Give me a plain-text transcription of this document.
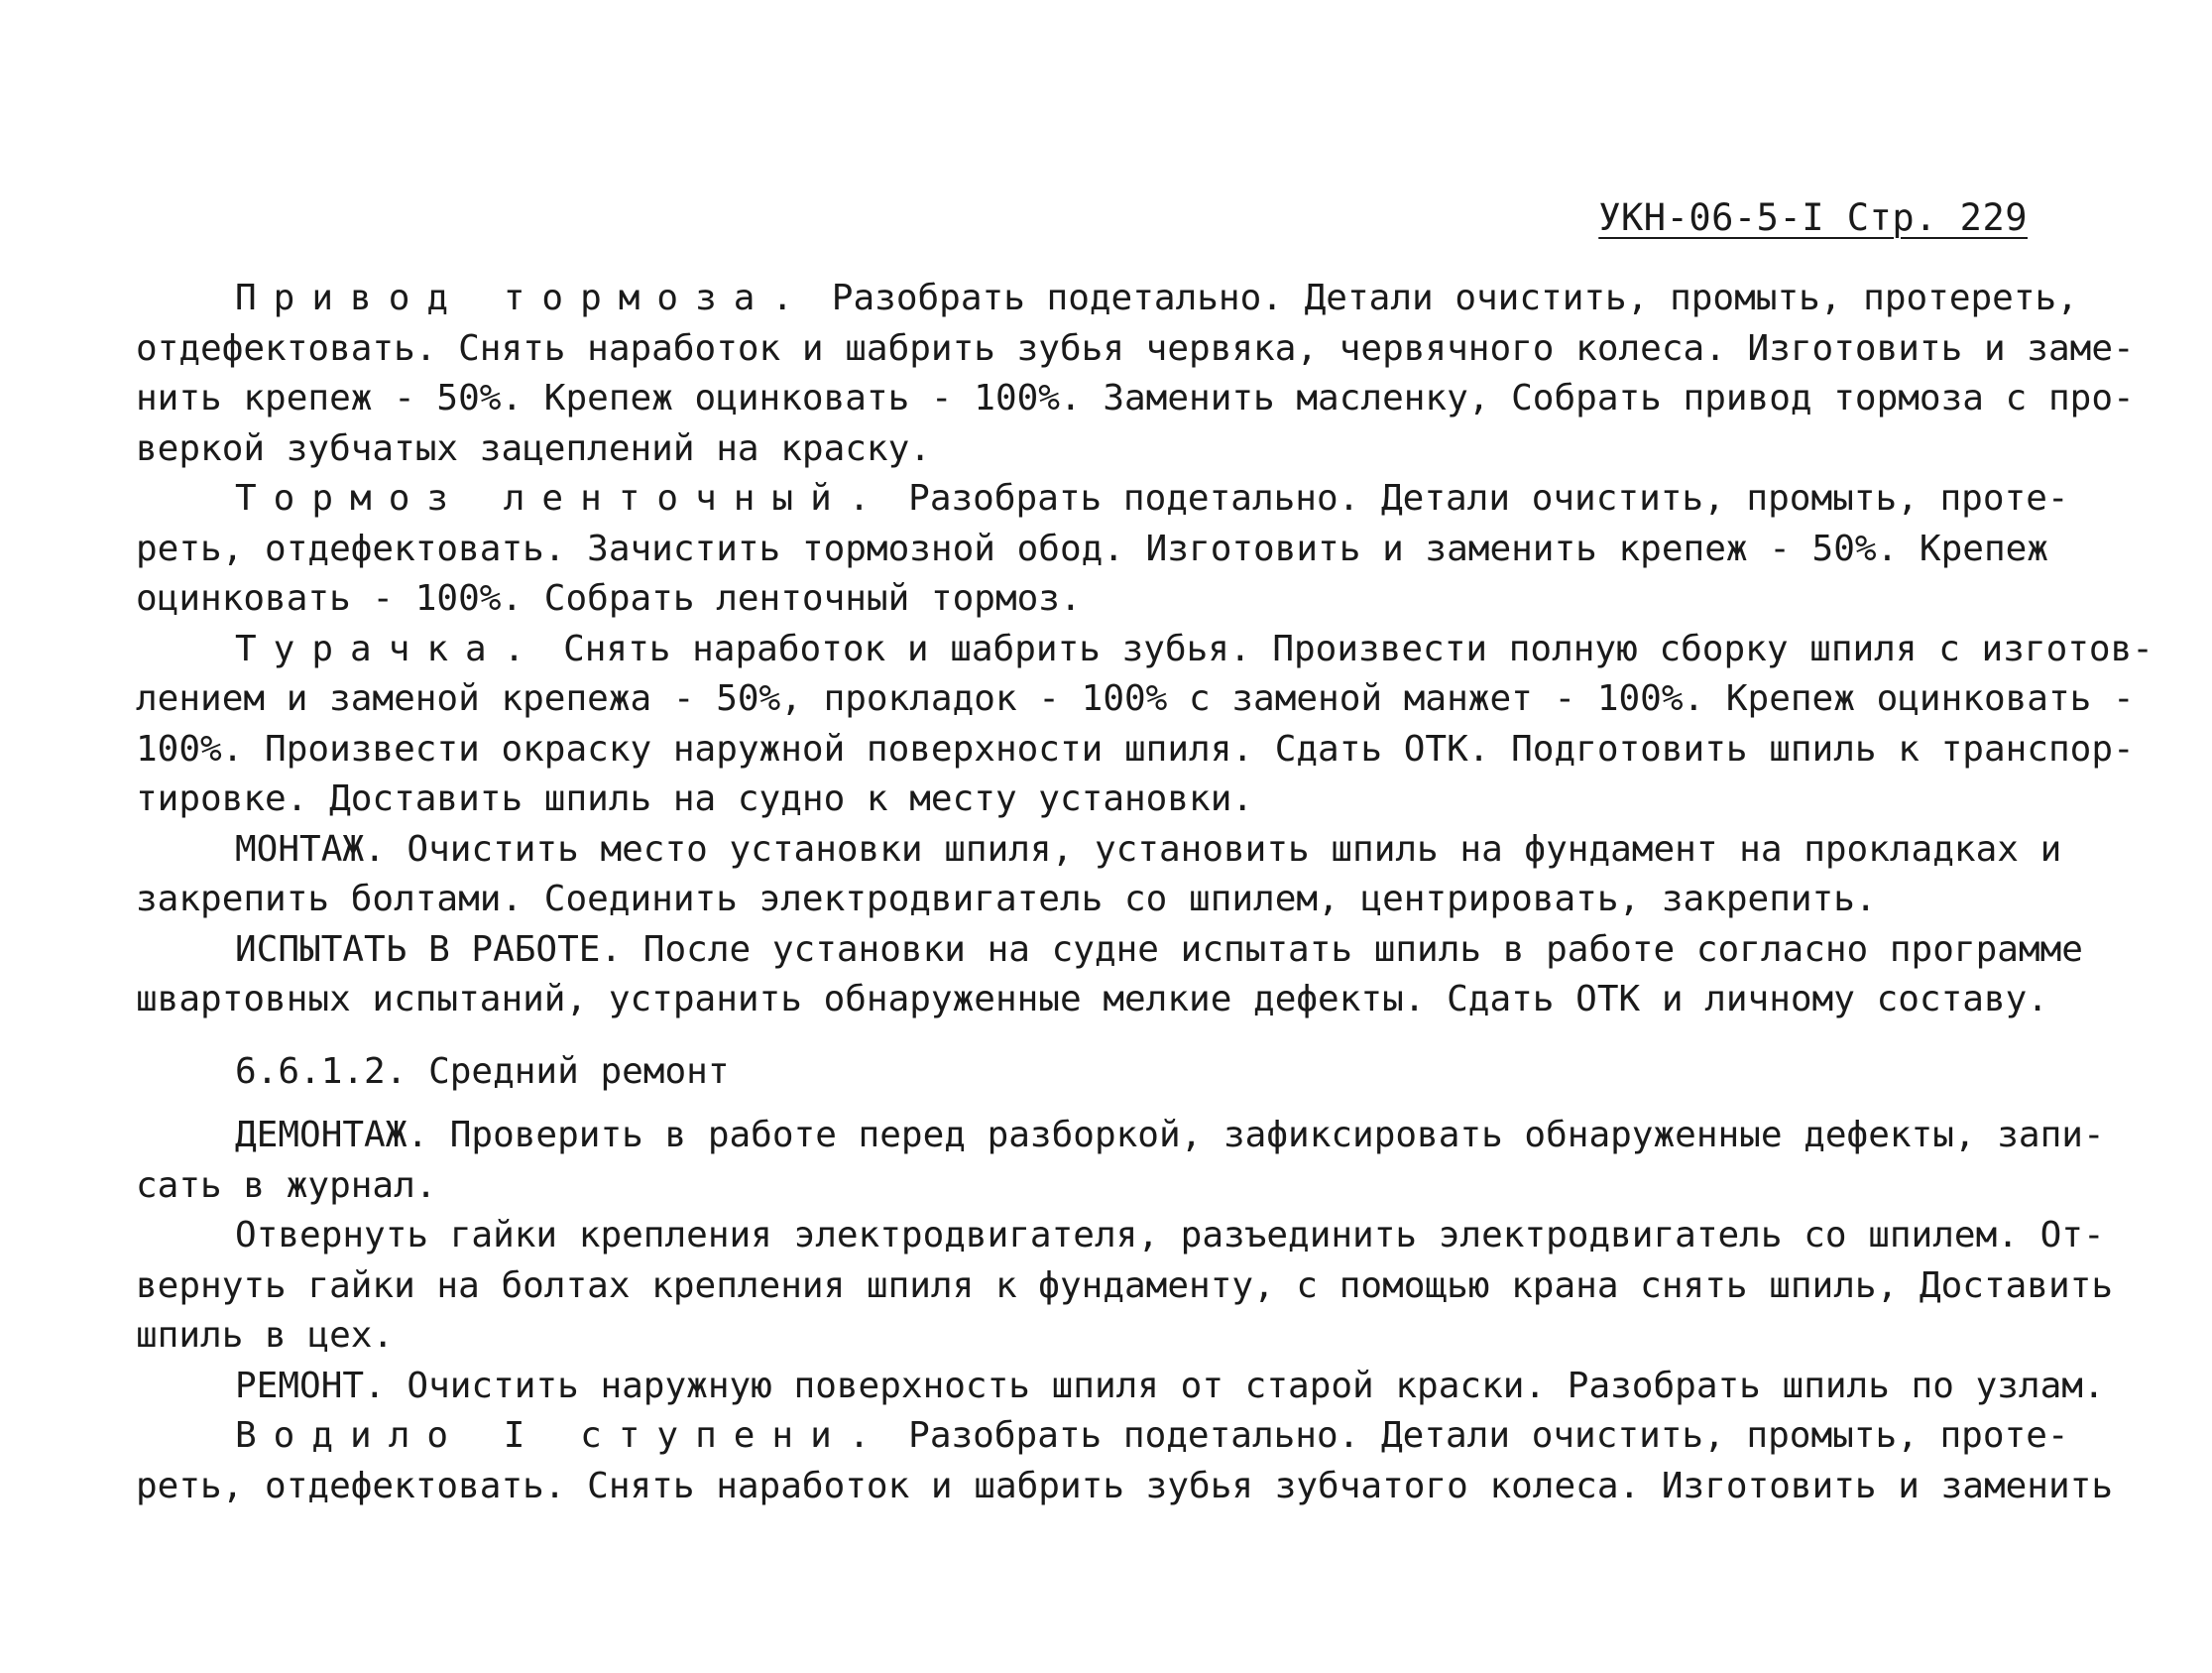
УКН-06-5-I Стр. 229
Привод тормоза. Разобрать подетально. Детали очистить, промыть, протереть,
отдефектовать. Снять наработок и шабрить зубья червяка, червячного колеса. Изготовить и заме-
нить крепеж - 50%. Крепеж оцинковать - 100%. Заменить масленку, Собрать привод тормоза с про-
веркой зубчатых зацеплений на краску.
Тормоз ленточный. Разобрать подетально. Детали очистить, промыть, проте-
реть, отдефектовать. Зачистить тормозной обод. Изготовить и заменить крепеж - 50%. Крепеж
оцинковать - 100%. Собрать ленточный тормоз.
Турачка. Снять наработок и шабрить зубья. Произвести полную сборку шпиля с изготов-
лением и заменой крепежа - 50%, прокладок - 100% с заменой манжет - 100%. Крепеж оцинковать -
100%. Произвести окраску наружной поверхности шпиля. Сдать ОТК. Подготовить шпиль к транспор-
тировке. Доставить шпиль на судно к месту установки.
МОНТАЖ. Очистить место установки шпиля, установить шпиль на фундамент на прокладках и
закрепить болтами. Соединить электродвигатель со шпилем, центрировать, закрепить.
ИСПЫТАТЬ В РАБОТЕ. После установки на судне испытать шпиль в работе согласно программе
швартовных испытаний, устранить обнаруженные мелкие дефекты. Сдать ОТК и личному составу.
6.6.1.2. Средний ремонт
ДЕМОНТАЖ. Проверить в работе перед разборкой, зафиксировать обнаруженные дефекты, запи-
сать в журнал.
Отвернуть гайки крепления электродвигателя, разъединить электродвигатель со шпилем. От-
вернуть гайки на болтах крепления шпиля к фундаменту, с помощью крана снять шпиль, Доставить
шпиль в цех.
РЕМОНТ. Очистить наружную поверхность шпиля от старой краски. Разобрать шпиль по узлам.
Водило I ступени. Разобрать подетально. Детали очистить, промыть, проте-
реть, отдефектовать. Снять наработок и шабрить зубья зубчатого колеса. Изготовить и заменить
